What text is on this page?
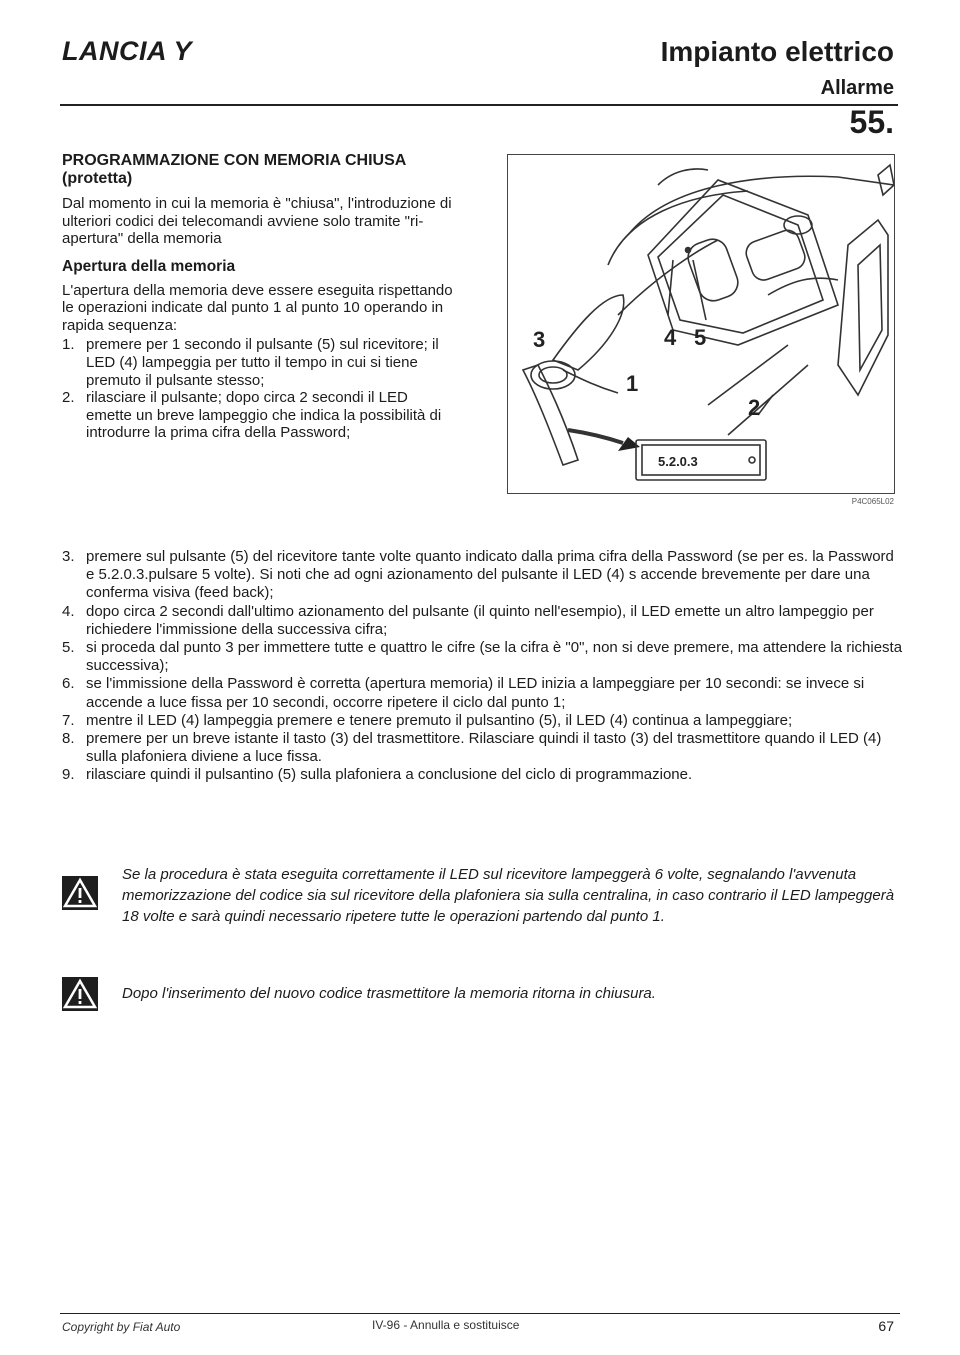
LANCIA Y	Impianto elettrico
Allarme
55.
PROGRAMMAZIONE CON MEMORIA CHIUSA (protetta)

Dal momento in cui la memoria è "chiusa", l'introduzione di ulteriori codici dei telecomandi avviene solo tramite "ri-apertura" della memoria

Apertura della memoria

L'apertura della memoria deve essere eseguita rispettando le operazioni indicate dal punto 1 al punto 10 operando in rapida sequenza:

1. premere per 1 secondo il pulsante (5) sul ricevitore; il LED (4) lampeggia per tutto il tempo in cui si tiene premuto il pulsante stesso;
2. rilasciare il pulsante; dopo circa 2 secondi il LED emette un breve lampeggio che indica la possibilità di introdurre la prima cifra della Password;
3	4 5
1
2
5.2.0.3
P4C065L02
3. premere sul pulsante (5) del ricevitore tante volte quanto indicato dalla prima cifra della Password (se per es. la Password e 5.2.0.3.pulsare 5 volte). Si noti che ad ogni azionamento del pulsante il LED (4) s accende brevemente per dare una conferma visiva (feed back);
4. dopo circa 2 secondi dall'ultimo azionamento del pulsante (il quinto nell'esempio), il LED emette un altro lampeggio per richiedere l'immissione della successiva cifra;
5. si proceda dal punto 3 per immettere tutte e quattro le cifre (se la cifra è "0", non si deve premere, ma attendere la richiesta successiva);
6. se l'immissione della Password è corretta (apertura memoria) il LED inizia a lampeggiare per 10 secondi: se invece si accende a luce fissa per 10 secondi, occorre ripetere il ciclo dal punto 1;
7. mentre il LED (4) lampeggia premere e tenere premuto il pulsantino (5), il LED (4) continua a lampeggiare;
8. premere per un breve istante il tasto (3) del trasmettitore. Rilasciare quindi il tasto (3) del trasmettitore quando il LED (4) sulla plafoniera diviene a luce fissa.
9. rilasciare quindi il pulsantino (5) sulla plafoniera a conclusione del ciclo di programmazione.
Se la procedura è stata eseguita correttamente il LED sul ricevitore lampeggerà 6 volte, segnalando l'avvenuta memorizzazione del codice sia sul ricevitore della plafoniera sia sulla centralina, in caso contrario il LED lampeggerà 18 volte e sarà quindi necessario ripetere tutte le operazioni partendo dal punto 1.
Dopo l'inserimento del nuovo codice trasmettitore la memoria ritorna in chiusura.
Copyright by Fiat Auto	IV-96 - Annulla e sostituisce	67
